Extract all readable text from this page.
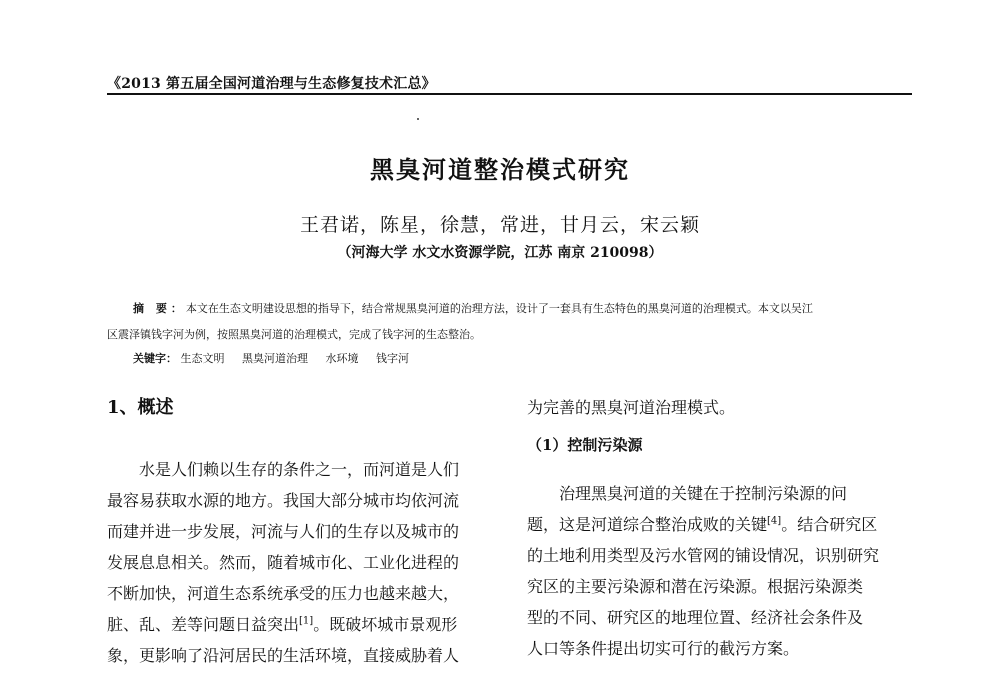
《2013 第五届全国河道治理与生态修复技术汇总》
黑臭河道整治模式研究
王君诺，陈星，徐慧，常进，甘月云，宋云颖
（河海大学 水文水资源学院，江苏 南京 210098）

摘 要：本文在生态文明建设思想的指导下，结合常规黑臭河道的治理方法，设计了一套具有生态特色的黑臭河道的治理模式。本文以吴江

区震泽镇钱字河为例，按照黑臭河道的治理模式，完成了钱字河的生态整治。

关键字： 生态文明 黑臭河道治理 水环境 钱字河
1、概述

水是人们赖以生存的条件之一，而河道是人们

最容易获取水源的地方。我国大部分城市均依河流

而建并进一步发展，河流与人们的生存以及城市的

发展息息相关。然而，随着城市化、工业化进程的

不断加快，河道生态系统承受的压力也越来越大，

脏、乱、差等问题日益突出[1]。既破坏城市景观形

象，更影响了沿河居民的生活环境，直接威胁着人

为完善的黑臭河道治理模式。

（1）控制污染源

治理黑臭河道的关键在于控制污染源的问

题，这是河道综合整治成败的关键[4]。结合研究区

的土地利用类型及污水管网的铺设情况，识别研究

究区的主要污染源和潜在污染源。根据污染源类

型的不同、研究区的地理位置、经济社会条件及

人口等条件提出切实可行的截污方案。
